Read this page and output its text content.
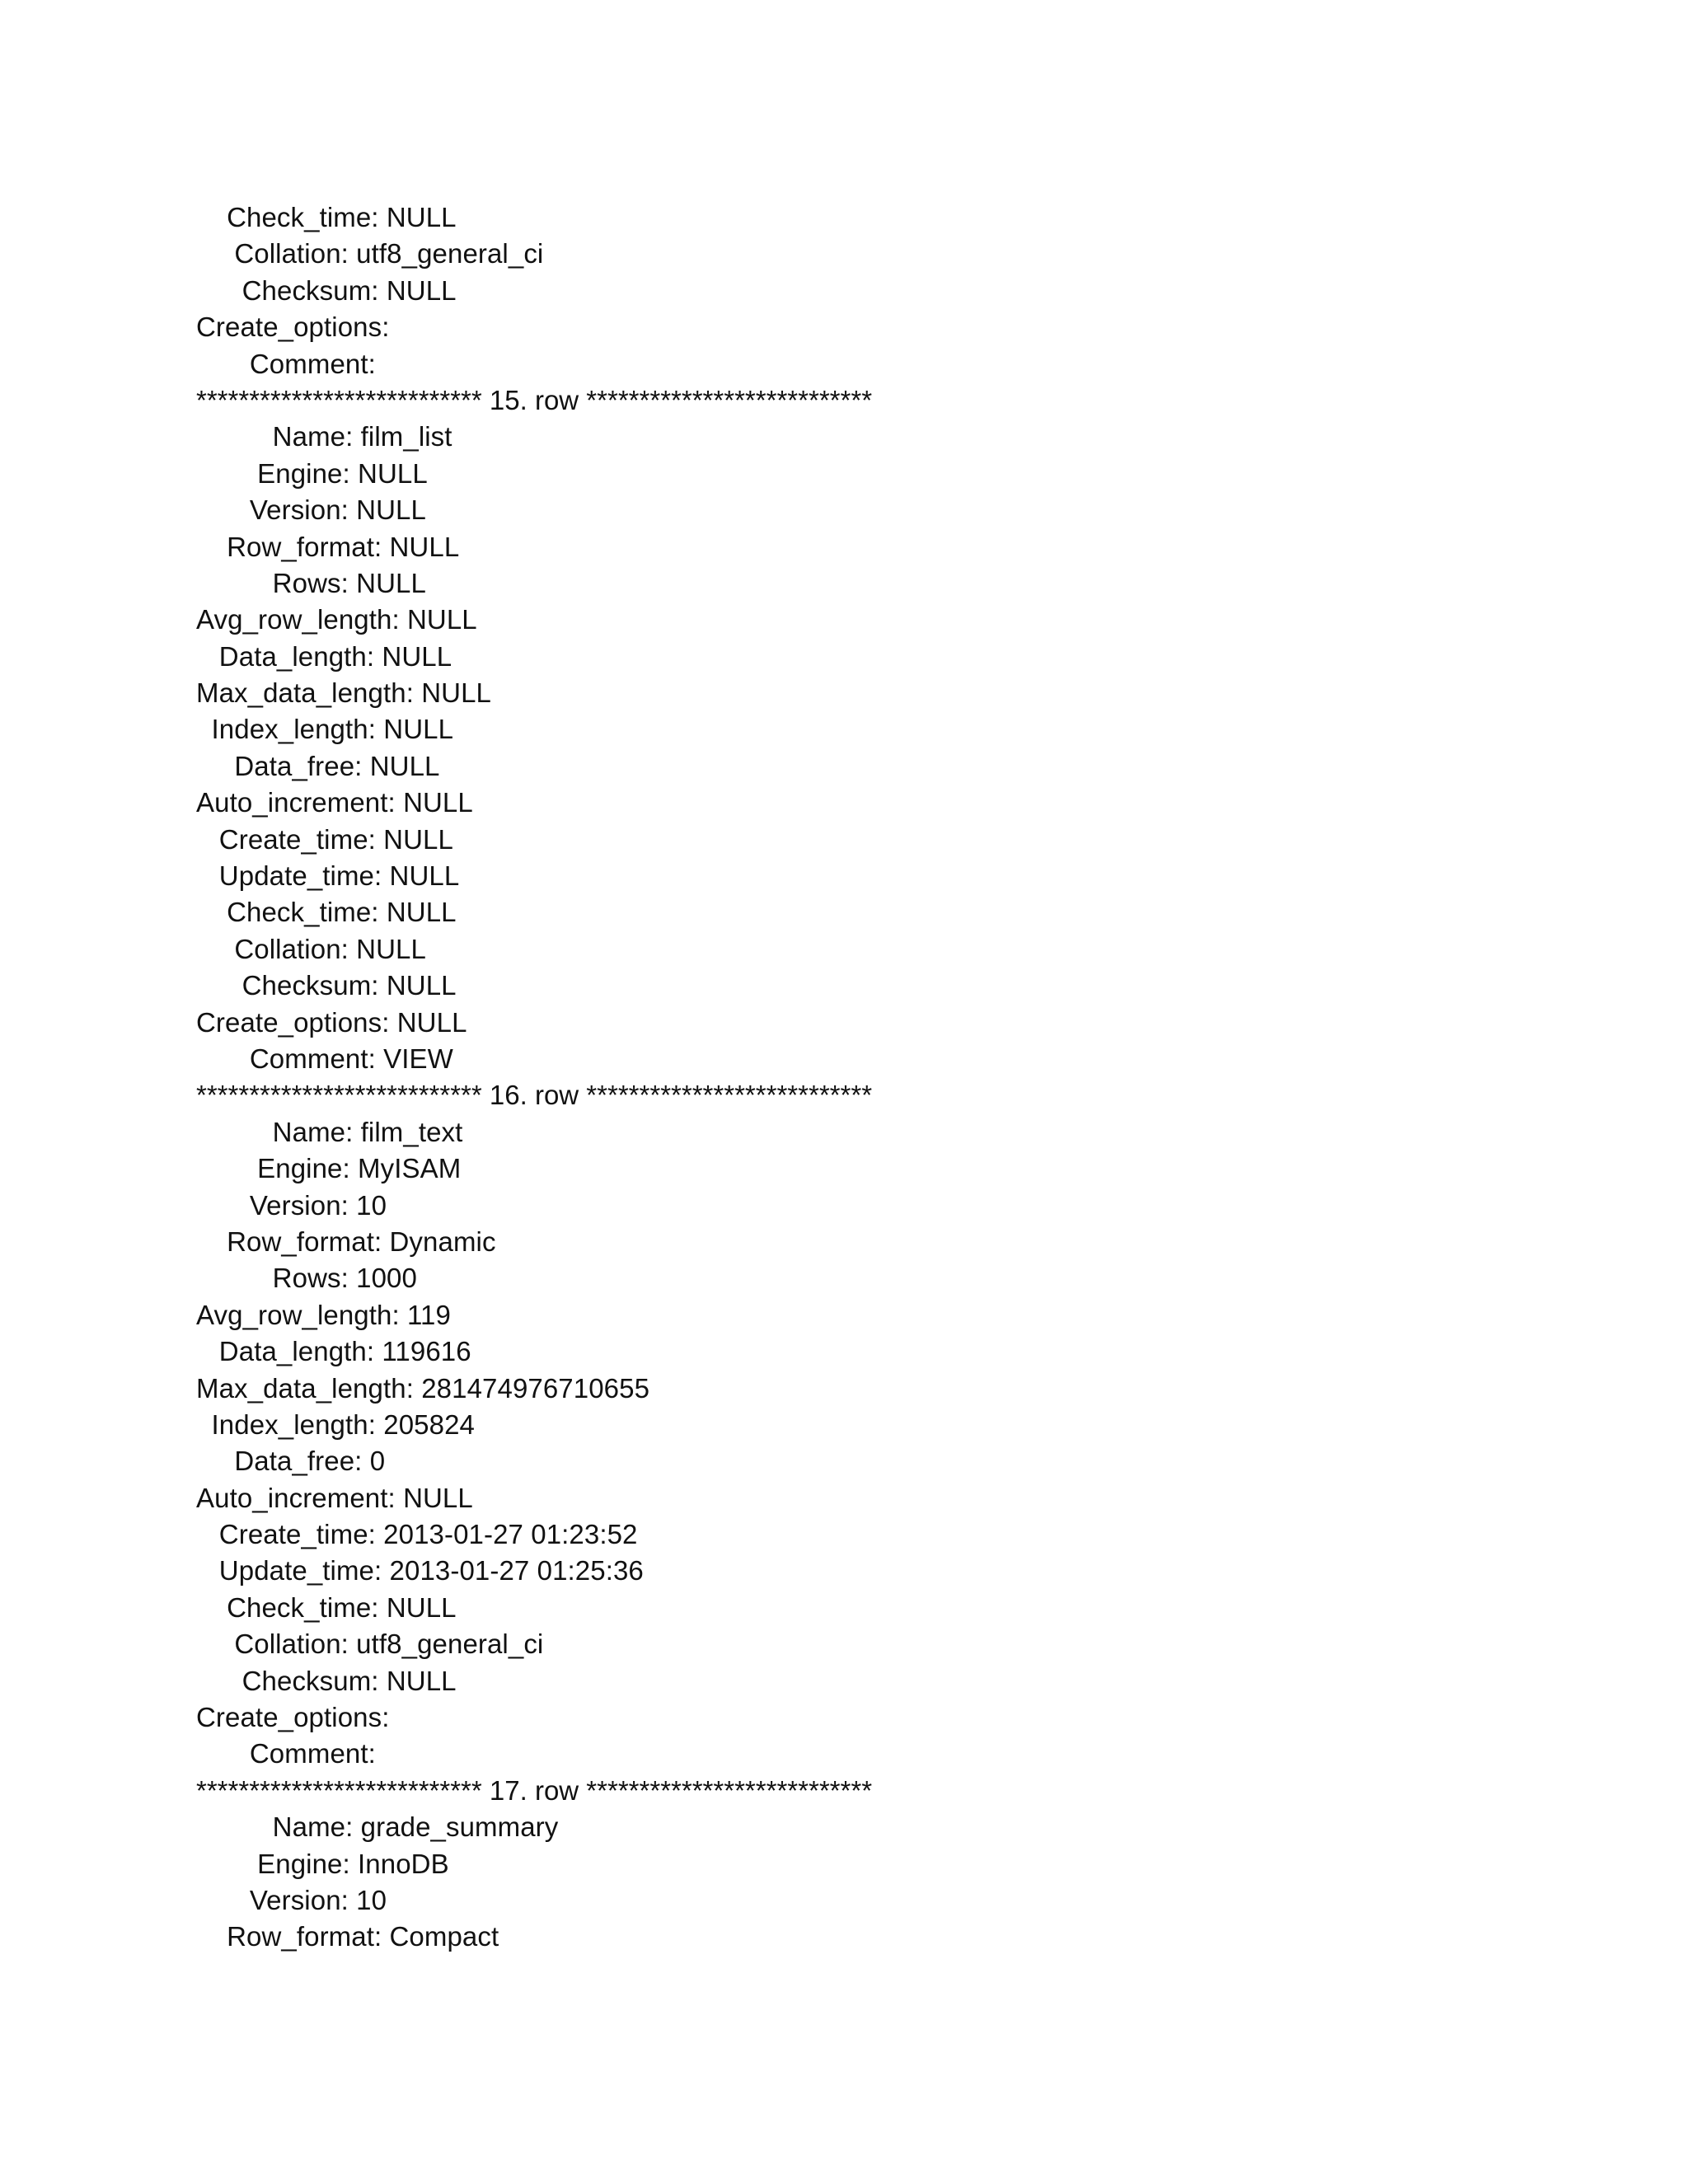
Check_time: NULL
Collation: utf8_general_ci
Checksum: NULL
Create_options:
Comment:
*************************** 15. row ***************************
Name: film_list
Engine: NULL
Version: NULL
Row_format: NULL
Rows: NULL
Avg_row_length: NULL
Data_length: NULL
Max_data_length: NULL
Index_length: NULL
Data_free: NULL
Auto_increment: NULL
Create_time: NULL
Update_time: NULL
Check_time: NULL
Collation: NULL
Checksum: NULL
Create_options: NULL
Comment: VIEW
*************************** 16. row ***************************
Name: film_text
Engine: MyISAM
Version: 10
Row_format: Dynamic
Rows: 1000
Avg_row_length: 119
Data_length: 119616
Max_data_length: 281474976710655
Index_length: 205824
Data_free: 0
Auto_increment: NULL
Create_time: 2013-01-27 01:23:52
Update_time: 2013-01-27 01:25:36
Check_time: NULL
Collation: utf8_general_ci
Checksum: NULL
Create_options:
Comment:
*************************** 17. row ***************************
Name: grade_summary
Engine: InnoDB
Version: 10
Row_format: Compact
